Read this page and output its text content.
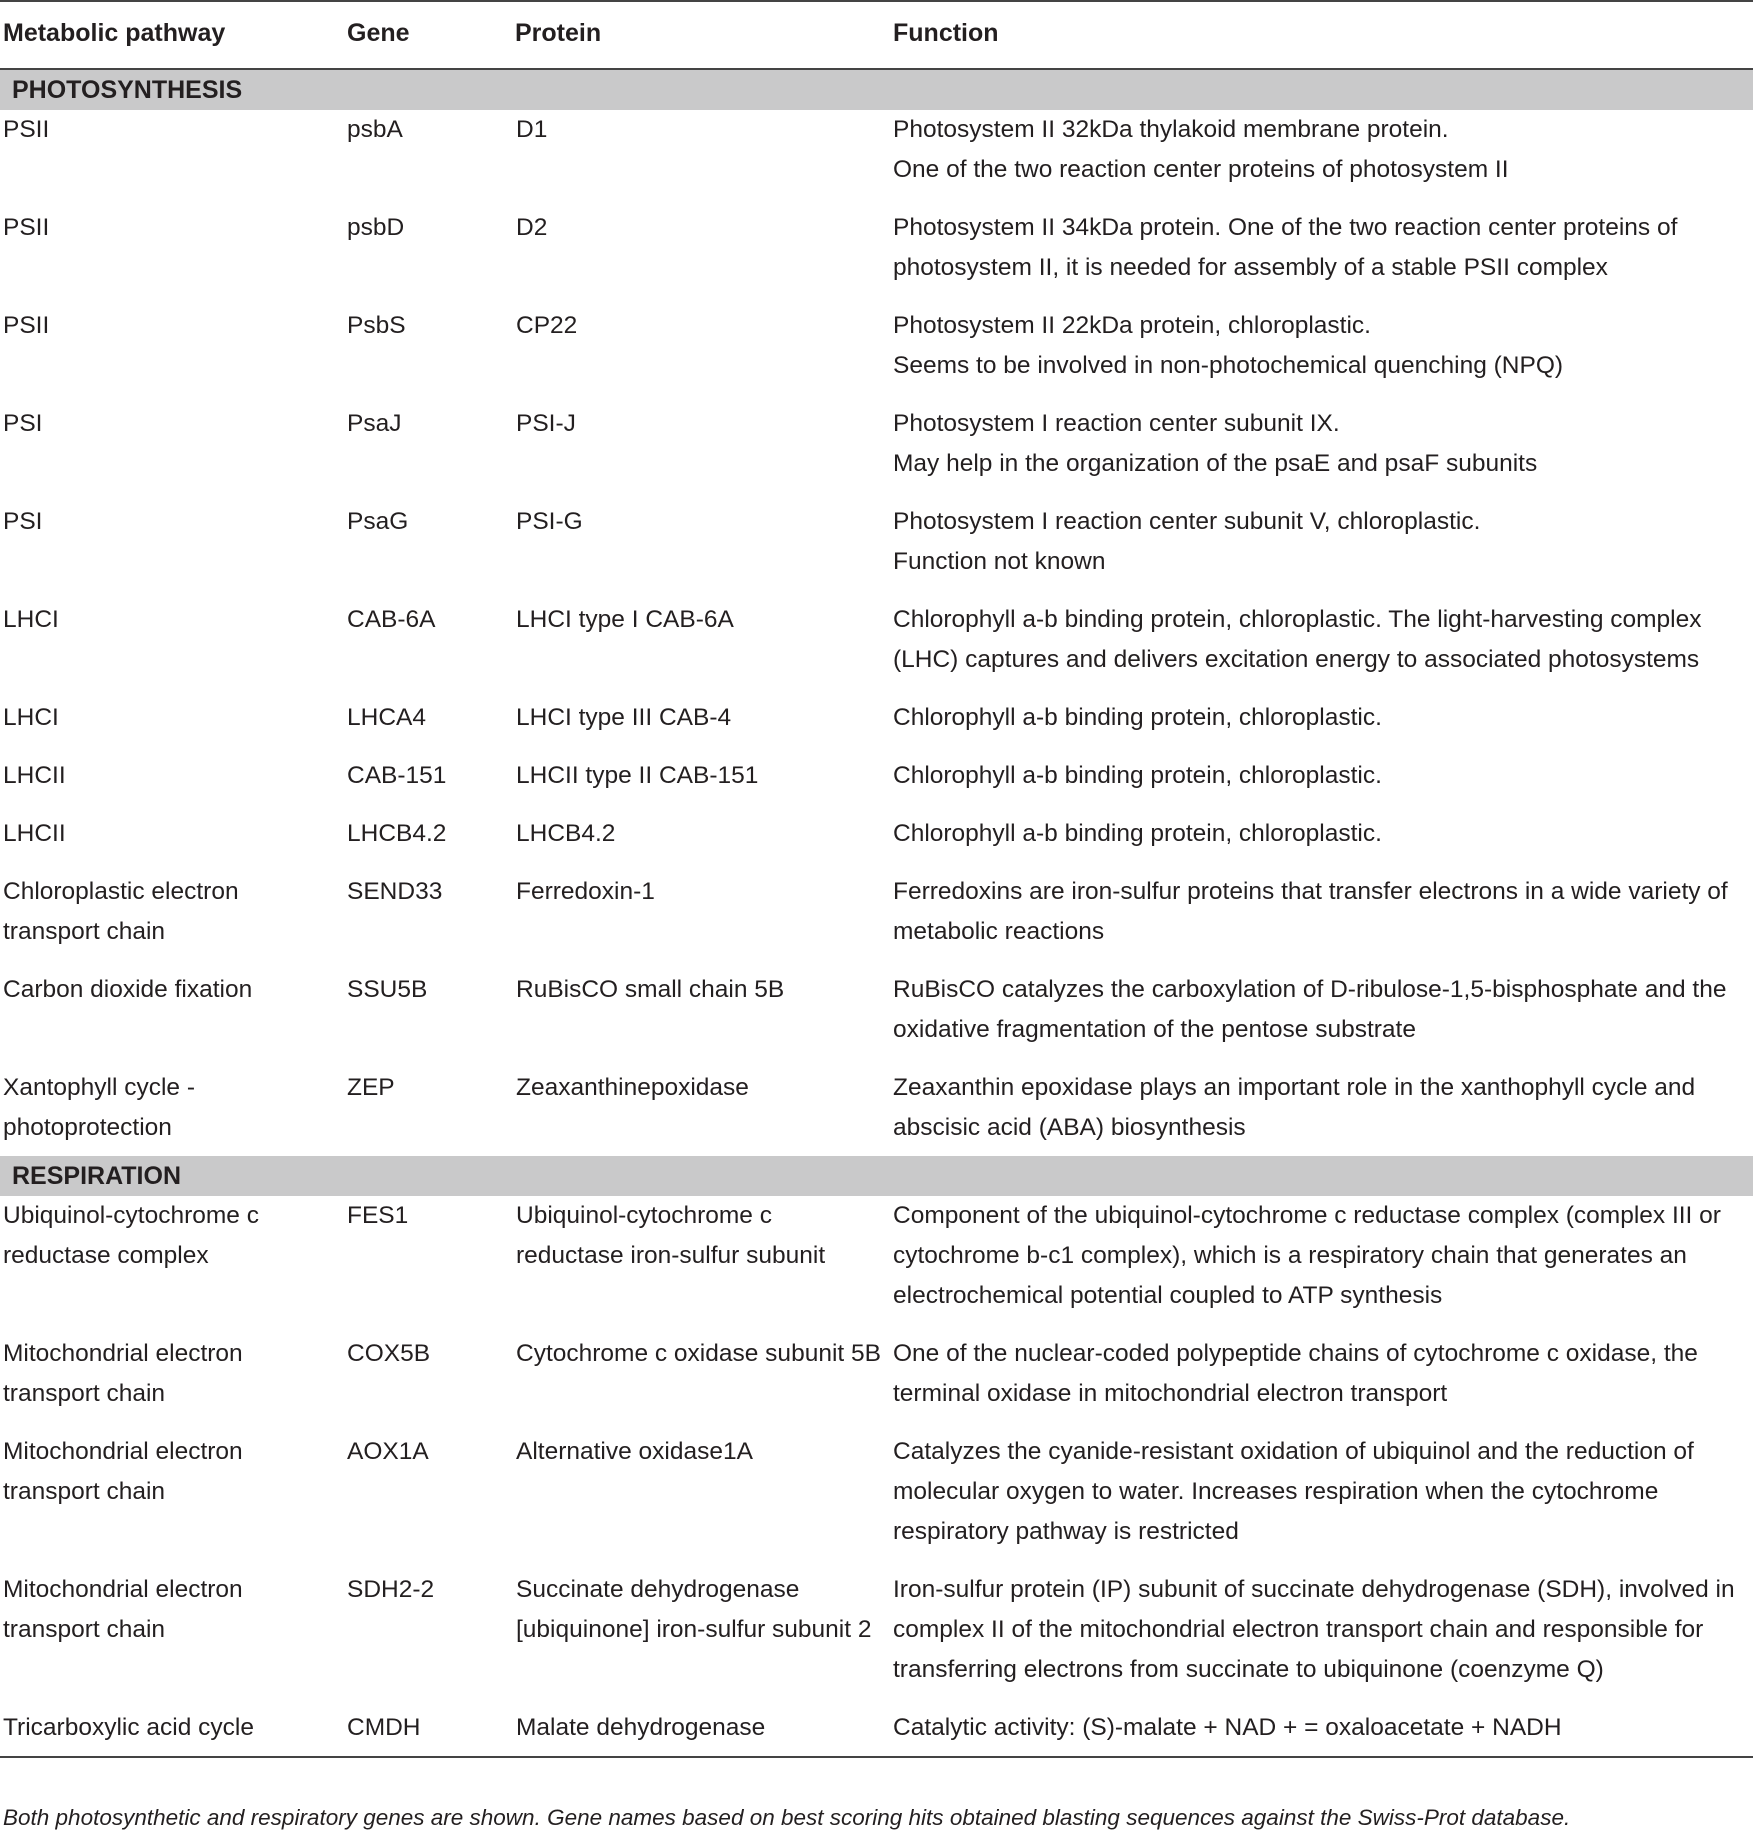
Metabolic pathway	Gene	Protein	Function
PHOTOSYNTHESIS			
PSII	psbA	D1	Photosystem II 32kDa thylakoid membrane protein.
One of the two reaction center proteins of photosystem II

PSII	psbD	D2	Photosystem II 34kDa protein. One of the two reaction center proteins of photosystem II, it is needed for assembly of a stable PSII complex

PSII	PsbS	CP22	Photosystem II 22kDa protein, chloroplastic.
Seems to be involved in non-photochemical quenching (NPQ)

PSI	PsaJ	PSI-J	Photosystem I reaction center subunit IX.
May help in the organization of the psaE and psaF subunits

PSI	PsaG	PSI-G	Photosystem I reaction center subunit V, chloroplastic.
Function not known

LHCI	CAB-6A	LHCI type I CAB-6A	Chlorophyll a-b binding protein, chloroplastic. The light-harvesting complex (LHC) captures and delivers excitation energy to associated photosystems

LHCI	LHCA4	LHCI type III CAB-4	Chlorophyll a-b binding protein, chloroplastic.

LHCII	CAB-151	LHCII type II CAB-151	Chlorophyll a-b binding protein, chloroplastic.

LHCII	LHCB4.2	LHCB4.2	Chlorophyll a-b binding protein, chloroplastic.

Chloroplastic electron transport chain	SEND33	Ferredoxin-1	Ferredoxins are iron-sulfur proteins that transfer electrons in a wide variety of metabolic reactions

Carbon dioxide fixation	SSU5B	RuBisCO small chain 5B	RuBisCO catalyzes the carboxylation of D-ribulose-1,5-bisphosphate and the oxidative fragmentation of the pentose substrate

Xantophyll cycle -photoprotection	ZEP	Zeaxanthinepoxidase	Zeaxanthin epoxidase plays an important role in the xanthophyll cycle and abscisic acid (ABA) biosynthesis

RESPIRATION			
Ubiquinol-cytochrome c reductase complex	FES1	Ubiquinol-cytochrome c reductase iron-sulfur subunit	Component of the ubiquinol-cytochrome c reductase complex (complex III or cytochrome b-c1 complex), which is a respiratory chain that generates an electrochemical potential coupled to ATP synthesis

Mitochondrial electron transport chain	COX5B	Cytochrome c oxidase subunit 5B	One of the nuclear-coded polypeptide chains of cytochrome c oxidase, the terminal oxidase in mitochondrial electron transport

Mitochondrial electron transport chain	AOX1A	Alternative oxidase1A	Catalyzes the cyanide-resistant oxidation of ubiquinol and the reduction of molecular oxygen to water. Increases respiration when the cytochrome respiratory pathway is restricted

Mitochondrial electron transport chain	SDH2-2	Succinate dehydrogenase [ubiquinone] iron-sulfur subunit 2	Iron-sulfur protein (IP) subunit of succinate dehydrogenase (SDH), involved in complex II of the mitochondrial electron transport chain and responsible for transferring electrons from succinate to ubiquinone (coenzyme Q)

Tricarboxylic acid cycle	CMDH	Malate dehydrogenase	Catalytic activity: (S)-malate + NAD + = oxaloacetate + NADH

Both photosynthetic and respiratory genes are shown. Gene names based on best scoring hits obtained blasting sequences against the Swiss-Prot database.
